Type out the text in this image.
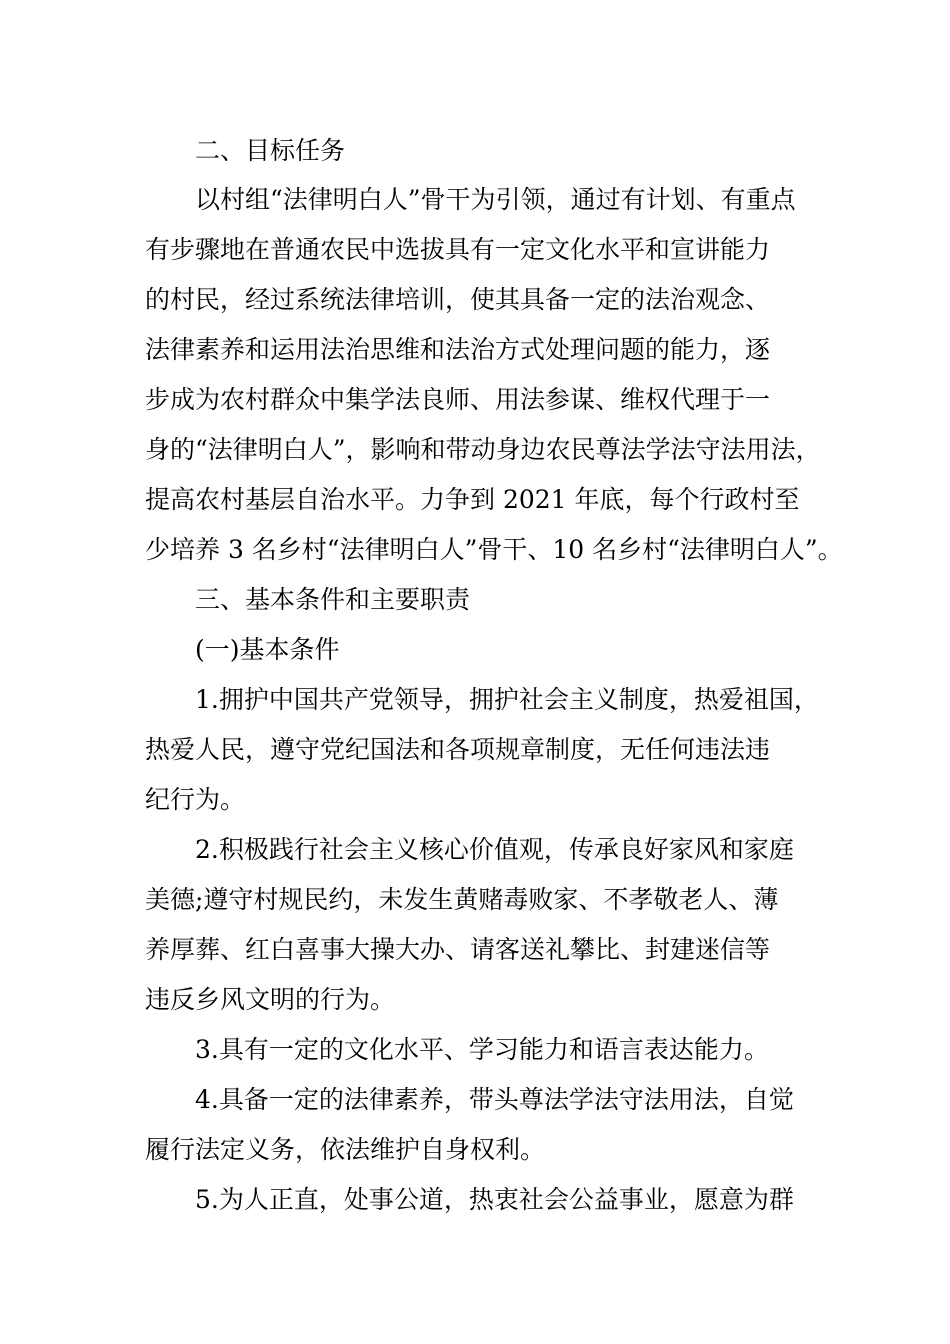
二、目标任务
以村组“法律明白人”骨干为引领，通过有计划、有重点
有步骤地在普通农民中选拔具有一定文化水平和宣讲能力
的村民，经过系统法律培训，使其具备一定的法治观念、
法律素养和运用法治思维和法治方式处理问题的能力，逐
步成为农村群众中集学法良师、用法参谋、维权代理于一
身的“法律明白人”，影响和带动身边农民尊法学法守法用法，
提高农村基层自治水平。力争到 2021 年底，每个行政村至
少培养 3 名乡村“法律明白人”骨干、10 名乡村“法律明白人”。
三、基本条件和主要职责
(一)基本条件
1.拥护中国共产党领导，拥护社会主义制度，热爱祖国，
热爱人民，遵守党纪国法和各项规章制度，无任何违法违
纪行为。
2.积极践行社会主义核心价值观，传承良好家风和家庭
美德;遵守村规民约，未发生黄赌毒败家、不孝敬老人、薄
养厚葬、红白喜事大操大办、请客送礼攀比、封建迷信等
违反乡风文明的行为。
3.具有一定的文化水平、学习能力和语言表达能力。
4.具备一定的法律素养，带头尊法学法守法用法，自觉
履行法定义务，依法维护自身权利。
5.为人正直，处事公道，热衷社会公益事业，愿意为群
